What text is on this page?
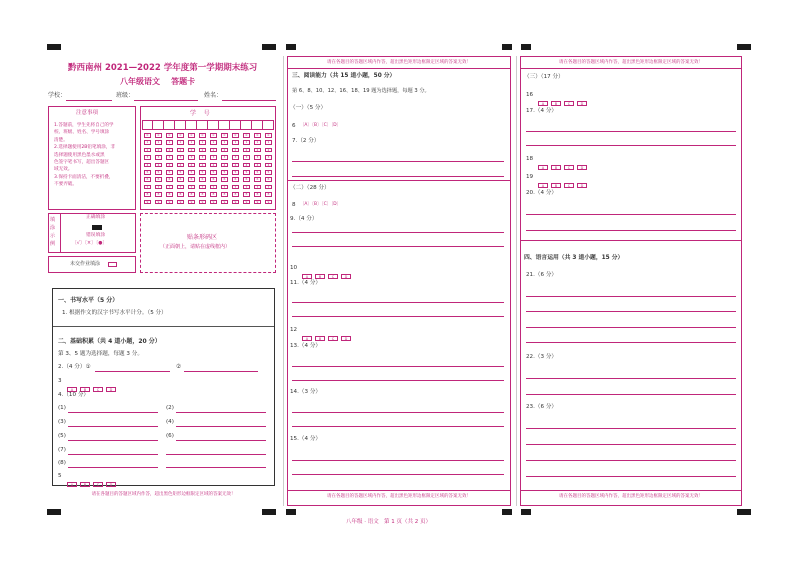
黔西南州 2021—2022 学年度第一学期期末练习
八年级语文    答题卡
学校：	班级：	姓名：
注意事项
1.答题前，学生先将自己的学
校、班级、姓名、学号填涂
清楚。
2.选择题使用2B铅笔填涂，非
选择题使用黑色墨水或黑
色签字笔书写，超出答题区
域无效。
3.保持卡面清洁，不要折叠，
不要弄破。
学    号
0	0	0	0	0	0	0	0	0	0	0	0
1	1	1	1	1	1	1	1	1	1	1	1
2	2	2	2	2	2	2	2	2	2	2	2
3	3	3	3	3	3	3	3	3	3	3	3
4	4	4	4	4	4	4	4	4	4	4	4
5	5	5	5	5	5	5	5	5	5	5	5
6	6	6	6	6	6	6	6	6	6	6	6
7	7	7	7	7	7	7	7	7	7	7	7
8	8	8	8	8	8	8	8	8	8	8	8
9	9	9	9	9	9	9	9	9	9	9	9
填涂示例
正确填涂
错误填涂
〔√〕〔×〕〔●〕
未交作业填涂
贴条形码区
（正面朝上，请贴在虚线框内）
一、书写水平（5 分）
1. 根据作文的汉字书写水平计分。（5 分）
二、基础积累（共 4 道小题，20 分）
第 3、5 题为选择题，每题 3 分。
2.（4 分）①	②
3
A	B	C	D
4.（10 分）
(1)	(2)
(3)	(4)
(5)	(6)
(7)
(8)
5
A	B	C	D
请在各题目的答题区域内作答，超出黑色矩形边框限定区域的答案无效！
请在各题目的答题区域内作答，超出黑色矩形边框限定区域的答案无效！
请在各题目的答题区域内作答，超出黑色矩形边框限定区域的答案无效！
三、阅读能力（共 15 道小题，50 分）
第 6、8、10、12、16、18、19 题为选择题，每题 3 分。
（一）（5 分）
6 〔A〕〔B〕〔C〕〔D〕
7.（2 分）
（二）（28 分）
8 〔A〕〔B〕〔C〕〔D〕
9.（4 分）
10
A	B	C	D
11.（4 分）
12
A	B	C	D
13.（4 分）
14.（3 分）
15.（4 分）
请在各题目的答题区域内作答，超出黑色矩形边框限定区域的答案无效！
请在各题目的答题区域内作答，超出黑色矩形边框限定区域的答案无效！
（三）（17 分）
16
A	B	C	D
17.（4 分）
18
A	B	C	D
19
A	B	C	D
20.（4 分）
四、语言运用（共 3 道小题，15 分）
21.（6 分）
22.（3 分）
23.（6 分）
八年级 · 语文   第 1 页（共 2 页）
